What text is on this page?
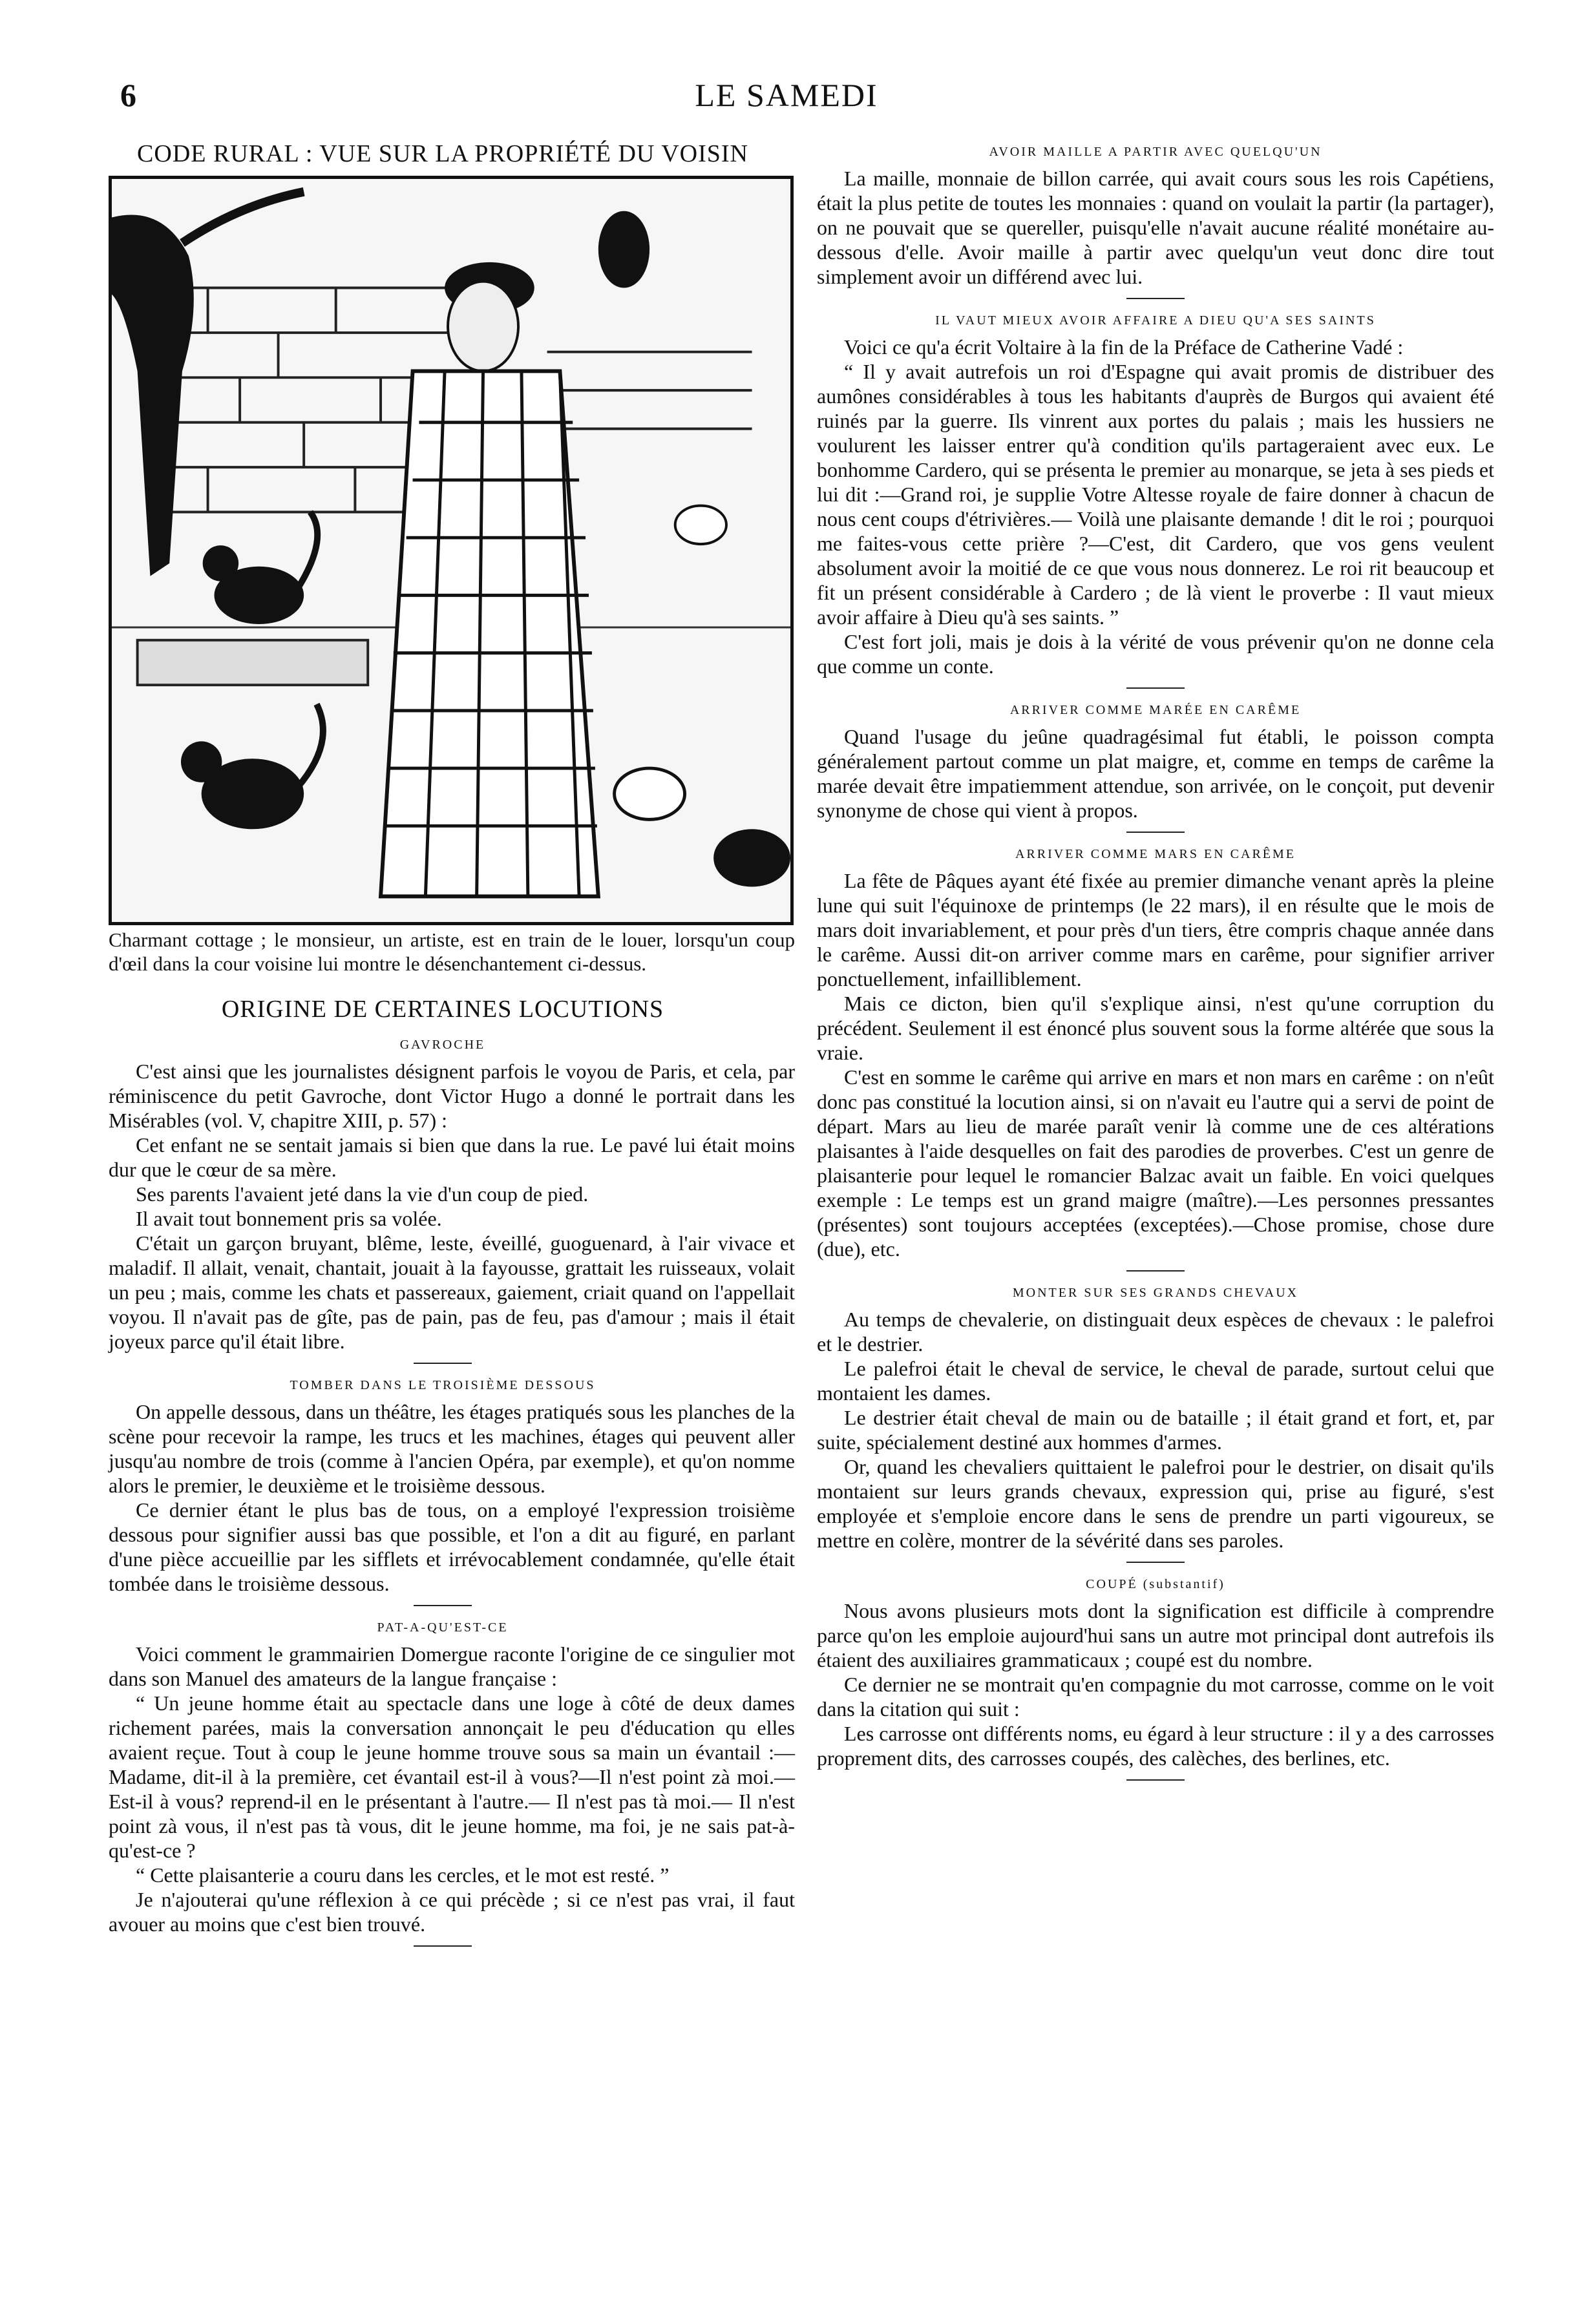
6	LE SAMEDI
CODE RURAL : VUE SUR LA PROPRIÉTÉ DU VOISIN
Charmant cottage ; le monsieur, un artiste, est en train de le louer, lorsqu'un coup d'œil dans la cour voisine lui montre le désenchantement ci-dessus.
ORIGINE DE CERTAINES LOCUTIONS
GAVROCHE

C'est ainsi que les journalistes désignent parfois le voyou de Paris, et cela, par réminiscence du petit Gavroche, dont Victor Hugo a donné le portrait dans les Misérables (vol. V, chapitre XIII, p. 57) :

Cet enfant ne se sentait jamais si bien que dans la rue. Le pavé lui était moins dur que le cœur de sa mère.

Ses parents l'avaient jeté dans la vie d'un coup de pied.

Il avait tout bonnement pris sa volée.

C'était un garçon bruyant, blême, leste, éveillé, guoguenard, à l'air vivace et maladif. Il allait, venait, chantait, jouait à la fayousse, grattait les ruisseaux, volait un peu ; mais, comme les chats et passereaux, gaiement, criait quand on l'appellait voyou. Il n'avait pas de gîte, pas de pain, pas de feu, pas d'amour ; mais il était joyeux parce qu'il était libre.

TOMBER DANS LE TROISIÈME DESSOUS

On appelle dessous, dans un théâtre, les étages pratiqués sous les planches de la scène pour recevoir la rampe, les trucs et les machines, étages qui peuvent aller jusqu'au nombre de trois (comme à l'ancien Opéra, par exemple), et qu'on nomme alors le premier, le deuxième et le troisième dessous.

Ce dernier étant le plus bas de tous, on a employé l'expression troisième dessous pour signifier aussi bas que possible, et l'on a dit au figuré, en parlant d'une pièce accueillie par les sifflets et irrévocablement condamnée, qu'elle était tombée dans le troisième dessous.

PAT-A-QU'EST-CE

Voici comment le grammairien Domergue raconte l'origine de ce singulier mot dans son Manuel des amateurs de la langue française :

“ Un jeune homme était au spectacle dans une loge à côté de deux dames richement parées, mais la conversation annonçait le peu d'éducation qu elles avaient reçue. Tout à coup le jeune homme trouve sous sa main un évantail :—Madame, dit-il à la première, cet évantail est-il à vous?—Il n'est point zà moi.—Est-il à vous? reprend-il en le présentant à l'autre.— Il n'est pas tà moi.— Il n'est point zà vous, il n'est pas tà vous, dit le jeune homme, ma foi, je ne sais pat-à-qu'est-ce ?

“ Cette plaisanterie a couru dans les cercles, et le mot est resté. ”

Je n'ajouterai qu'une réflexion à ce qui précède ; si ce n'est pas vrai, il faut avouer au moins que c'est bien trouvé.

AVOIR MAILLE A PARTIR AVEC QUELQU'UN

La maille, monnaie de billon carrée, qui avait cours sous les rois Capétiens, était la plus petite de toutes les monnaies : quand on voulait la partir (la partager), on ne pouvait que se quereller, puisqu'elle n'avait aucune réalité monétaire au-dessous d'elle. Avoir maille à partir avec quelqu'un veut donc dire tout simplement avoir un différend avec lui.

IL VAUT MIEUX AVOIR AFFAIRE A DIEU QU'A SES SAINTS

Voici ce qu'a écrit Voltaire à la fin de la Préface de Catherine Vadé :

“ Il y avait autrefois un roi d'Espagne qui avait promis de distribuer des aumônes considérables à tous les habitants d'auprès de Burgos qui avaient été ruinés par la guerre. Ils vinrent aux portes du palais ; mais les hussiers ne voulurent les laisser entrer qu'à condition qu'ils partageraient avec eux. Le bonhomme Cardero, qui se présenta le premier au monarque, se jeta à ses pieds et lui dit :—Grand roi, je supplie Votre Altesse royale de faire donner à chacun de nous cent coups d'étrivières.— Voilà une plaisante demande ! dit le roi ; pourquoi me faites-vous cette prière ?—C'est, dit Cardero, que vos gens veulent absolument avoir la moitié de ce que vous nous donnerez. Le roi rit beaucoup et fit un présent considérable à Cardero ; de là vient le proverbe : Il vaut mieux avoir affaire à Dieu qu'à ses saints. ”

C'est fort joli, mais je dois à la vérité de vous prévenir qu'on ne donne cela que comme un conte.

ARRIVER COMME MARÉE EN CARÊME

Quand l'usage du jeûne quadragésimal fut établi, le poisson compta généralement partout comme un plat maigre, et, comme en temps de carême la marée devait être impatiemment attendue, son arrivée, on le conçoit, put devenir synonyme de chose qui vient à propos.

ARRIVER COMME MARS EN CARÊME

La fête de Pâques ayant été fixée au premier dimanche venant après la pleine lune qui suit l'équinoxe de printemps (le 22 mars), il en résulte que le mois de mars doit invariablement, et pour près d'un tiers, être compris chaque année dans le carême. Aussi dit-on arriver comme mars en carême, pour signifier arriver ponctuellement, infailliblement.

Mais ce dicton, bien qu'il s'explique ainsi, n'est qu'une corruption du précédent. Seulement il est énoncé plus souvent sous la forme altérée que sous la vraie.

C'est en somme le carême qui arrive en mars et non mars en carême : on n'eût donc pas constitué la locution ainsi, si on n'avait eu l'autre qui a servi de point de départ. Mars au lieu de marée paraît venir là comme une de ces altérations plaisantes à l'aide desquelles on fait des parodies de proverbes. C'est un genre de plaisanterie pour lequel le romancier Balzac avait un faible. En voici quelques exemple : Le temps est un grand maigre (maître).—Les personnes pressantes (présentes) sont toujours acceptées (exceptées).—Chose promise, chose dure (due), etc.

MONTER SUR SES GRANDS CHEVAUX

Au temps de chevalerie, on distinguait deux espèces de chevaux : le palefroi et le destrier.

Le palefroi était le cheval de service, le cheval de parade, surtout celui que montaient les dames.

Le destrier était cheval de main ou de bataille ; il était grand et fort, et, par suite, spécialement destiné aux hommes d'armes.

Or, quand les chevaliers quittaient le palefroi pour le destrier, on disait qu'ils montaient sur leurs grands chevaux, expression qui, prise au figuré, s'est employée et s'emploie encore dans le sens de prendre un parti vigoureux, se mettre en colère, montrer de la sévérité dans ses paroles.

COUPÉ (substantif)

Nous avons plusieurs mots dont la signification est difficile à comprendre parce qu'on les emploie aujourd'hui sans un autre mot principal dont autrefois ils étaient des auxiliaires grammaticaux ; coupé est du nombre.

Ce dernier ne se montrait qu'en compagnie du mot carrosse, comme on le voit dans la citation qui suit :

Les carrosse ont différents noms, eu égard à leur structure : il y a des carrosses proprement dits, des carrosses coupés, des calèches, des berlines, etc.
